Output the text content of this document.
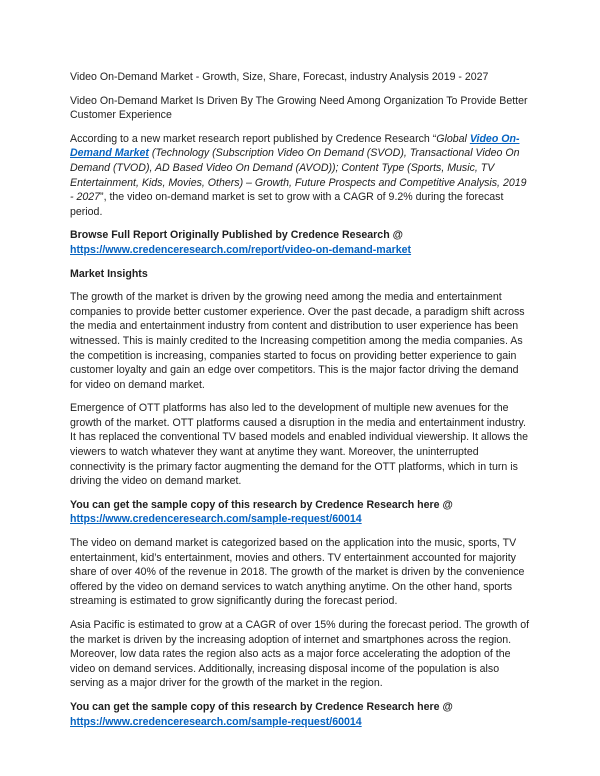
Video On-Demand Market - Growth, Size, Share, Forecast, industry Analysis 2019 - 2027

Video On-Demand Market Is Driven By The Growing Need Among Organization To Provide Better Customer Experience

According to a new market research report published by Credence Research “Global Video On-Demand Market (Technology (Subscription Video On Demand (SVOD), Transactional Video On Demand (TVOD), AD Based Video On Demand (AVOD)); Content Type (Sports, Music, TV Entertainment, Kids, Movies, Others) – Growth, Future Prospects and Competitive Analysis, 2019 - 2027”, the video on-demand market is set to grow with a CAGR of 9.2% during the forecast period.

Browse Full Report Originally Published by Credence Research @
https://www.credenceresearch.com/report/video-on-demand-market

Market Insights

The growth of the market is driven by the growing need among the media and entertainment companies to provide better customer experience. Over the past decade, a paradigm shift across the media and entertainment industry from content and distribution to user experience has been witnessed. This is mainly credited to the Increasing competition among the media companies. As the competition is increasing, companies started to focus on providing better experience to gain customer loyalty and gain an edge over competitors. This is the major factor driving the demand for video on demand market.

Emergence of OTT platforms has also led to the development of multiple new avenues for the growth of the market. OTT platforms caused a disruption in the media and entertainment industry. It has replaced the conventional TV based models and enabled individual viewership. It allows the viewers to watch whatever they want at anytime they want. Moreover, the uninterrupted connectivity is the primary factor augmenting the demand for the OTT platforms, which in turn is driving the video on demand market.

You can get the sample copy of this research by Credence Research here @
https://www.credenceresearch.com/sample-request/60014

The video on demand market is categorized based on the application into the music, sports, TV entertainment, kid’s entertainment, movies and others. TV entertainment accounted for majority share of over 40% of the revenue in 2018. The growth of the market is driven by the convenience offered by the video on demand services to watch anything anytime. On the other hand, sports streaming is estimated to grow significantly during the forecast period.

Asia Pacific is estimated to grow at a CAGR of over 15% during the forecast period. The growth of the market is driven by the increasing adoption of internet and smartphones across the region. Moreover, low data rates the region also acts as a major force accelerating the adoption of the video on demand services. Additionally, increasing disposal income of the population is also serving as a major driver for the growth of the market in the region.

You can get the sample copy of this research by Credence Research here @
https://www.credenceresearch.com/sample-request/60014
